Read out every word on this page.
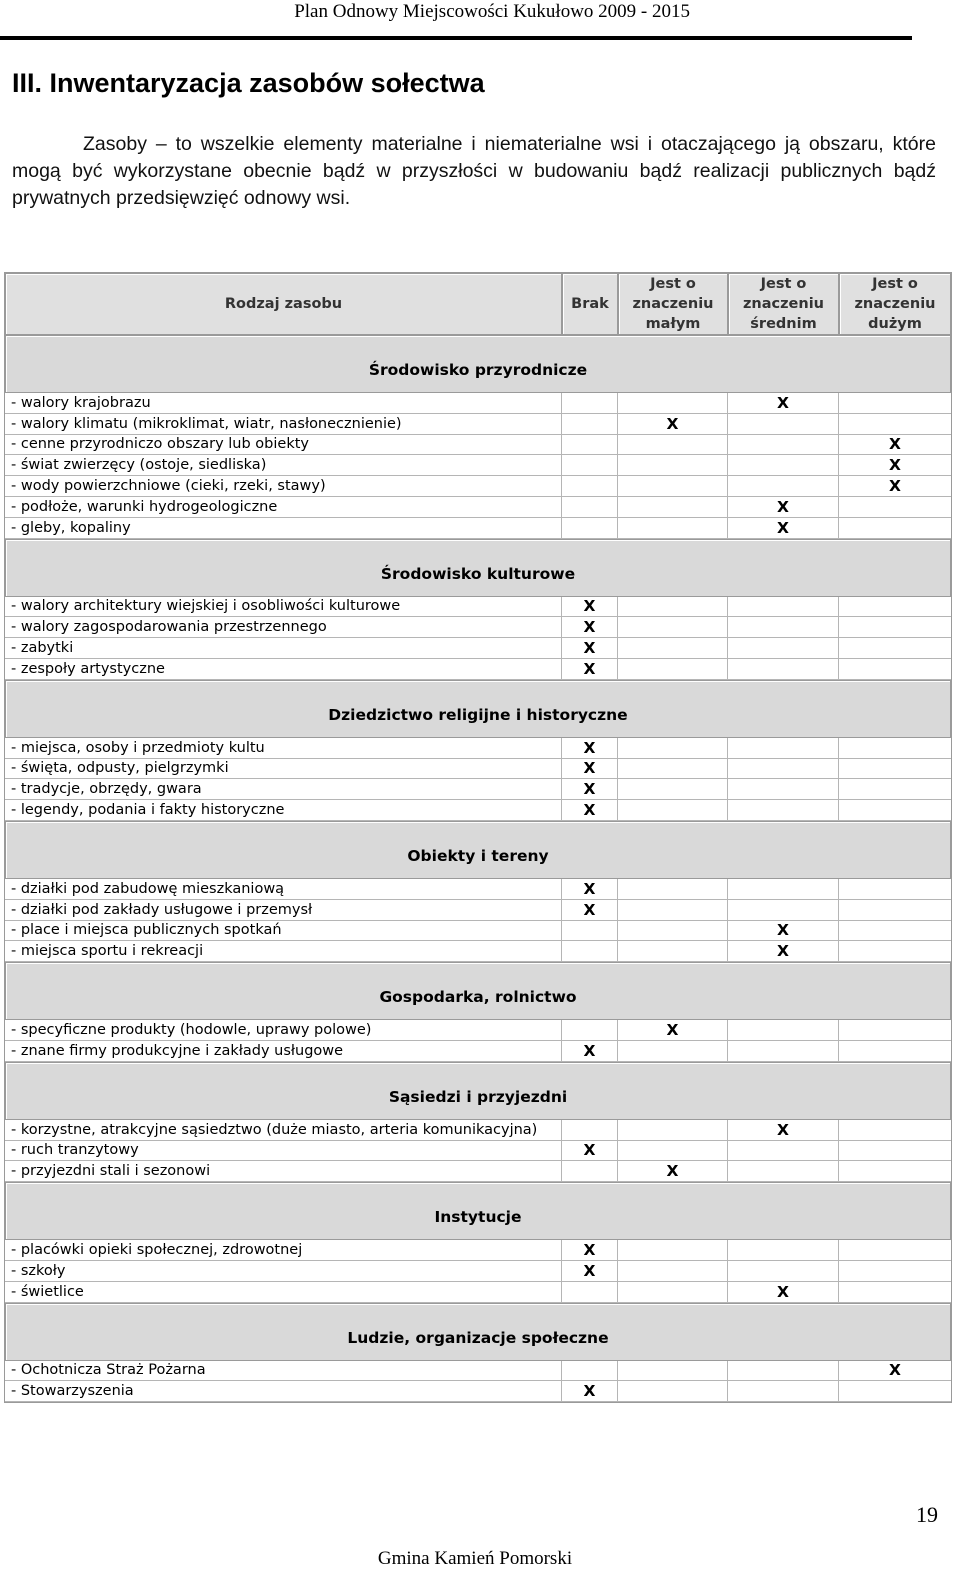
Plan Odnowy Miejscowości Kukułowo 2009 - 2015
III. Inwentaryzacja zasobów sołectwa

Zasoby – to wszelkie elementy materialne i niematerialne wsi i otaczającego ją obszaru, które mogą być wykorzystane obecnie bądź w przyszłości w budowaniu bądź realizacji publicznych bądź prywatnych przedsięwzięć odnowy wsi.

Rodzaj zasobu	Brak	Jest o znaczeniu małym	Jest o znaczeniu średnim	Jest o znaczeniu dużym
Środowisko przyrodnicze				
- walory krajobrazu			X	
- walory klimatu (mikroklimat, wiatr, nasłonecznienie)		X		
- cenne przyrodniczo obszary lub obiekty				X
- świat zwierzęcy (ostoje, siedliska)				X
- wody powierzchniowe (cieki, rzeki, stawy)				X
- podłoże, warunki hydrogeologiczne			X	
- gleby, kopaliny			X	
Środowisko kulturowe				
- walory architektury wiejskiej i osobliwości kulturowe	X			
- walory zagospodarowania przestrzennego	X			
- zabytki	X			
- zespoły artystyczne	X			
Dziedzictwo religijne i historyczne				
- miejsca, osoby i przedmioty kultu	X			
- święta, odpusty, pielgrzymki	X			
- tradycje, obrzędy, gwara	X			
- legendy, podania i fakty historyczne	X			
Obiekty i tereny				
- działki pod zabudowę mieszkaniową	X			
- działki pod zakłady usługowe i przemysł	X			
- place i miejsca publicznych spotkań			X	
- miejsca sportu i rekreacji			X	
Gospodarka, rolnictwo				
- specyficzne produkty (hodowle, uprawy polowe)		X		
- znane firmy produkcyjne i zakłady usługowe	X			
Sąsiedzi i przyjezdni				
- korzystne, atrakcyjne sąsiedztwo (duże miasto, arteria komunikacyjna)			X	
- ruch tranzytowy	X			
- przyjezdni stali i sezonowi		X		
Instytucje				
- placówki opieki społecznej, zdrowotnej	X			
- szkoły	X			
- świetlice			X	
Ludzie, organizacje społeczne				
- Ochotnicza Straż Pożarna				X
- Stowarzyszenia	X			
19
Gmina Kamień Pomorski
